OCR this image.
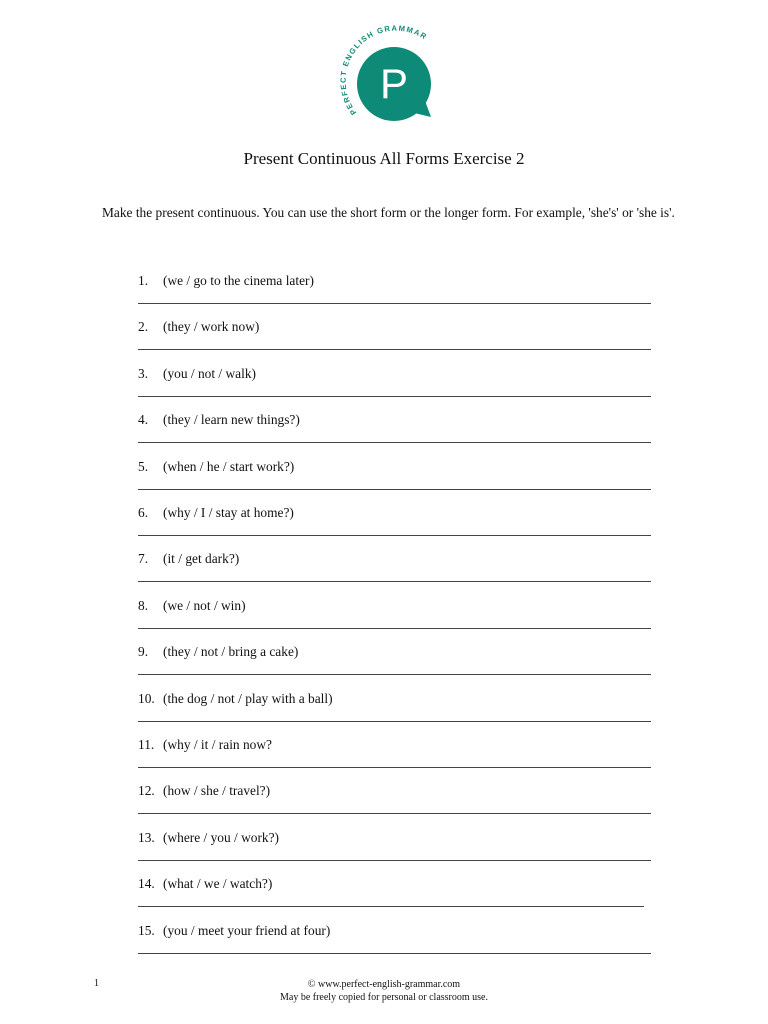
PERFECT ENGLISH GRAMMAR
P
Present Continuous All Forms Exercise 2
Make the present continuous. You can use the short form or the longer form. For example, 'she's' or 'she is'.
1. (we / go to the cinema later)
2. (they / work now)
3. (you / not / walk)
4. (they / learn new things?)
5. (when / he / start work?)
6. (why / I / stay at home?)
7. (it / get dark?)
8. (we / not / win)
9. (they / not / bring a cake)
10. (the dog / not / play with a ball)
11. (why / it / rain now?
12. (how / she / travel?)
13. (where / you / work?)
14. (what / we / watch?)
15. (you / meet your friend at four)
1	© www.perfect-english-grammar.com
May be freely copied for personal or classroom use.
